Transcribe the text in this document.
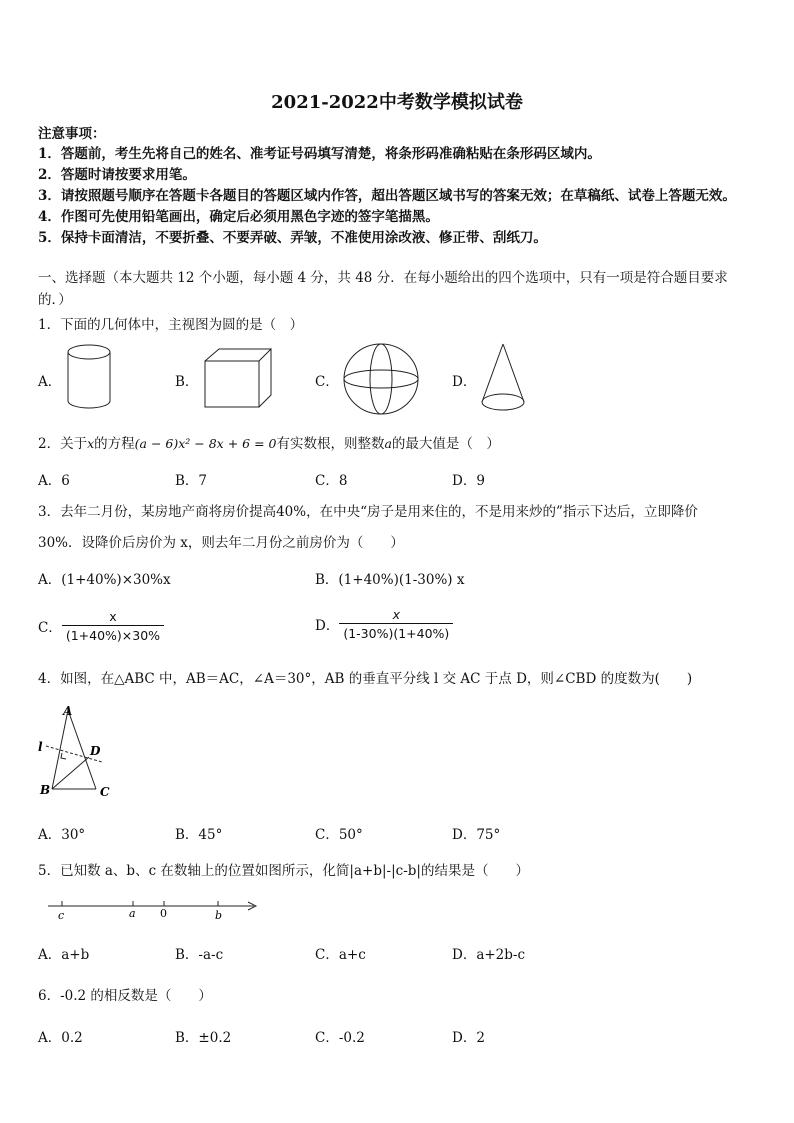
2021-2022中考数学模拟试卷
注意事项：
1．答题前，考生先将自己的姓名、准考证号码填写清楚，将条形码准确粘贴在条形码区域内。
2．答题时请按要求用笔。
3．请按照题号顺序在答题卡各题目的答题区域内作答，超出答题区域书写的答案无效；在草稿纸、试卷上答题无效。
4．作图可先使用铅笔画出，确定后必须用黑色字迹的签字笔描黑。
5．保持卡面清洁，不要折叠、不要弄破、弄皱，不准使用涂改液、修正带、刮纸刀。
一、选择题（本大题共 12 个小题，每小题 4 分，共 48 分．在每小题给出的四个选项中，只有一项是符合题目要求
的．）
1．下面的几何体中，主视图为圆的是（　）
A．	B．	C．	D．
2．关于x的方程(a − 6)x² − 8x + 6 = 0有实数根，则整数a的最大值是（　）
A．6	B．7	C．8	D．9
3．去年二月份，某房地产商将房价提高40%，在中央“房子是用来住的，不是用来炒的”指示下达后，立即降价
30%．设降价后房价为 x，则去年二月份之前房价为（　　）
A．(1+40%)×30%x	B．(1+40%)(1-30%) x
C． $\frac{x}{(1+40\%)\times 30\%}$	D． $\frac{x}{(1-30\%)(1+40\%)}$
4．如图，在△ABC 中，AB＝AC，∠A＝30°，AB 的垂直平分线 l 交 AC 于点 D，则∠CBD 的度数为(　　)
A
l	D
B	C
A．30°	B．45°	C．50°	D．75°
5．已知数 a、b、c 在数轴上的位置如图所示，化简|a+b|-|c-b|的结果是（　　）
c	a 0	b
A．a+b	B．-a-c	C．a+c	D．a+2b-c
6．-0.2 的相反数是（　　）
A．0.2	B．±0.2	C．-0.2	D．2
